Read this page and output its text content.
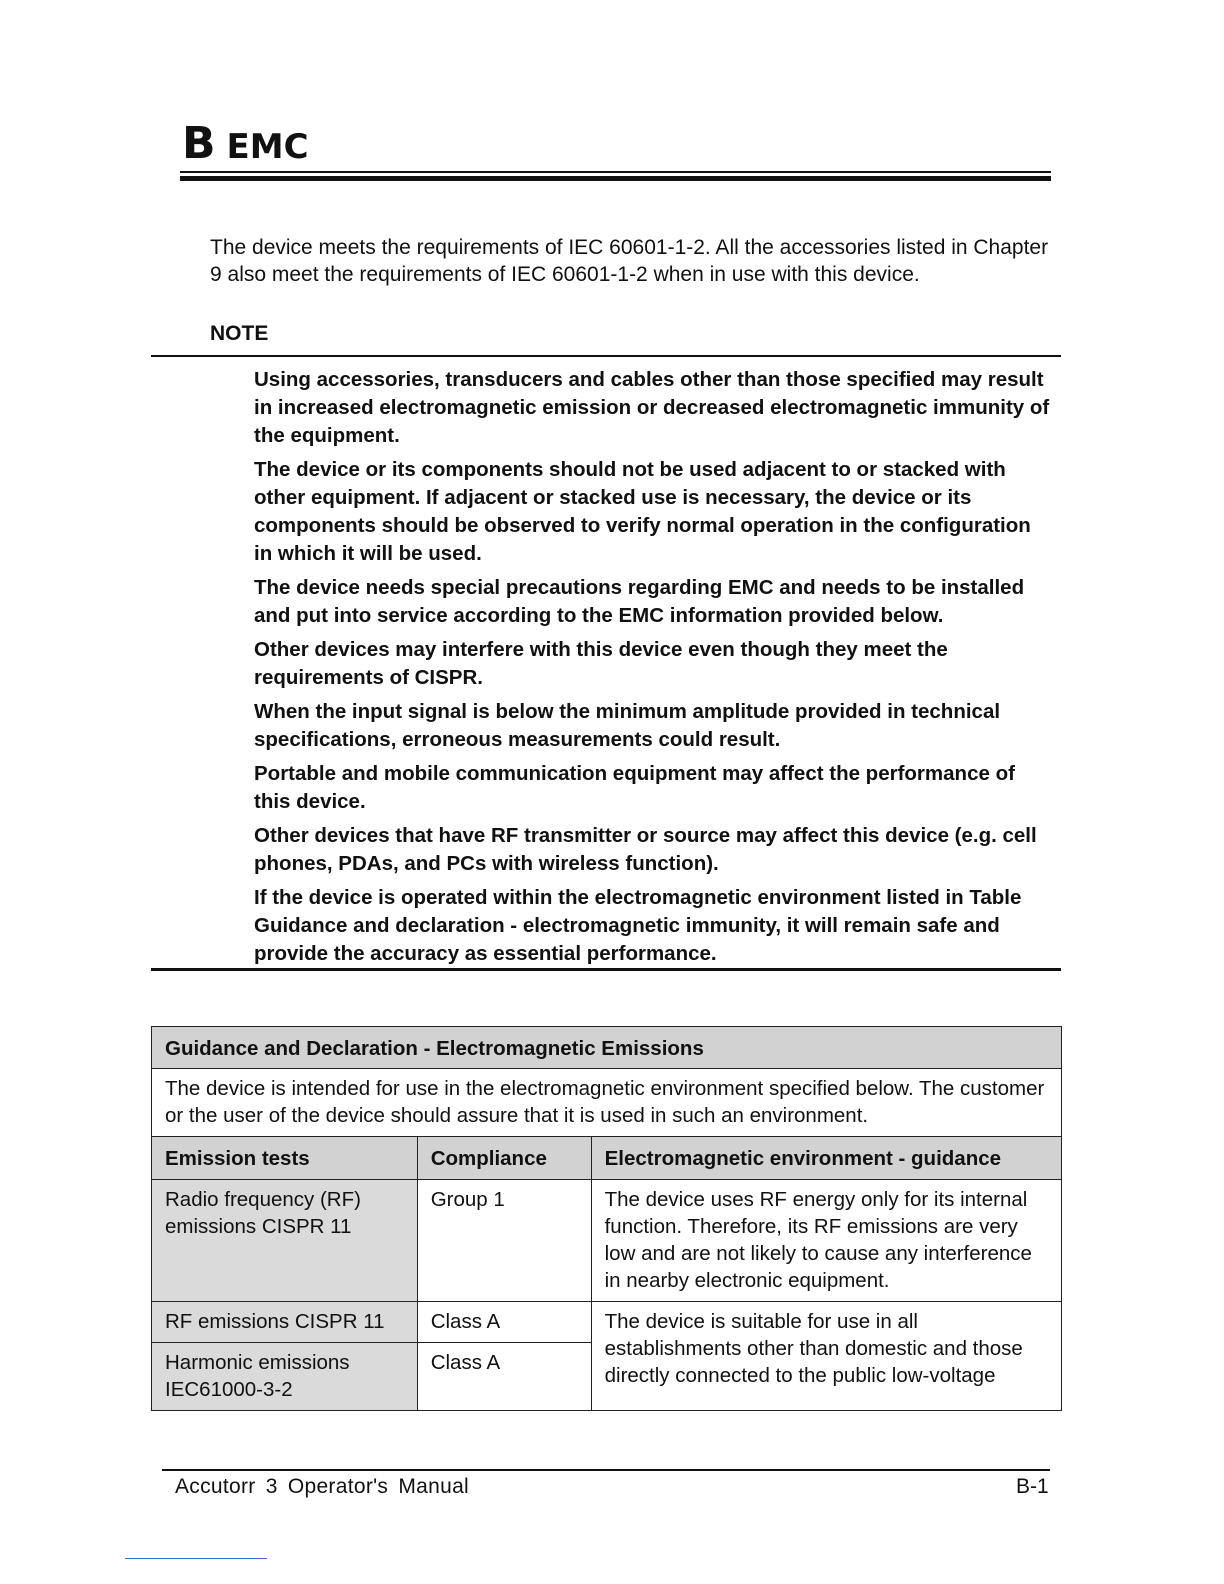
B EMC

The device meets the requirements of IEC 60601-1-2. All the accessories listed in Chapter 9 also meet the requirements of IEC 60601-1-2 when in use with this device.

NOTE

Using accessories, transducers and cables other than those specified may result in increased electromagnetic emission or decreased electromagnetic immunity of the equipment.
The device or its components should not be used adjacent to or stacked with other equipment. If adjacent or stacked use is necessary, the device or its components should be observed to verify normal operation in the configuration in which it will be used.
The device needs special precautions regarding EMC and needs to be installed and put into service according to the EMC information provided below.
Other devices may interfere with this device even though they meet the requirements of CISPR.
When the input signal is below the minimum amplitude provided in technical specifications, erroneous measurements could result.
Portable and mobile communication equipment may affect the performance of this device.
Other devices that have RF transmitter or source may affect this device (e.g. cell phones, PDAs, and PCs with wireless function).
If the device is operated within the electromagnetic environment listed in Table Guidance and declaration - electromagnetic immunity, it will remain safe and provide the accuracy as essential performance.
Guidance and Declaration - Electromagnetic Emissions		
The device is intended for use in the electromagnetic environment specified below. The customer or the user of the device should assure that it is used in such an environment.		
Emission tests	Compliance	Electromagnetic environment - guidance
Radio frequency (RF) emissions CISPR 11	Group 1	The device uses RF energy only for its internal function. Therefore, its RF emissions are very low and are not likely to cause any interference in nearby electronic equipment.
RF emissions CISPR 11	Class A	The device is suitable for use in all establishments other than domestic and those directly connected to the public low-voltage
Harmonic emissions IEC61000-3-2	Class A	
Accutorr 3 Operator's Manual	B-1
